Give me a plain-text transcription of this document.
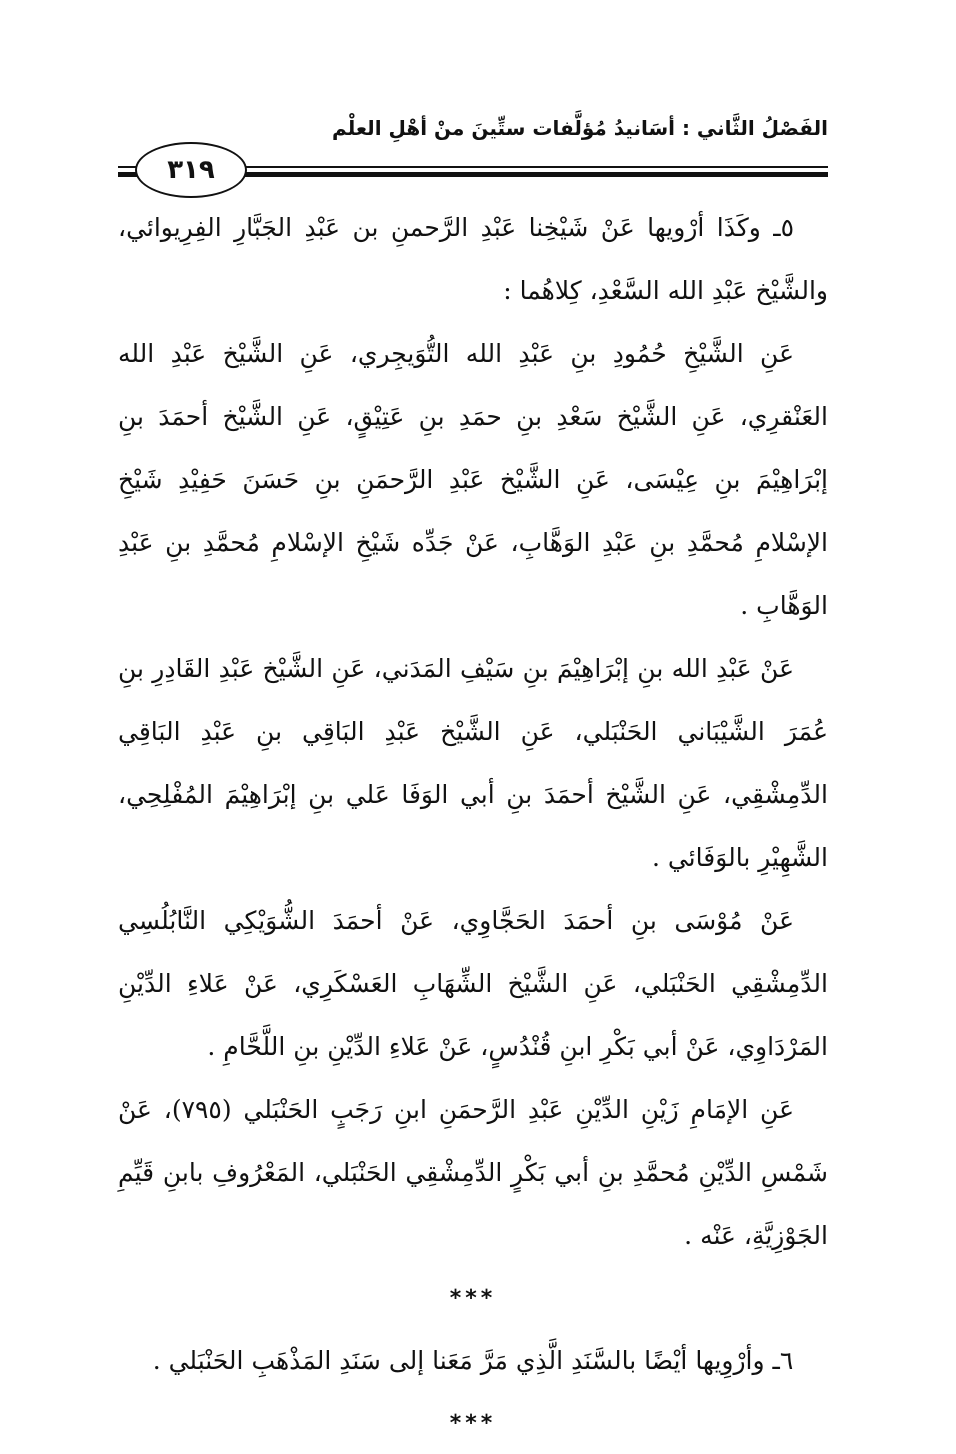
الفَصْلُ الثَّاني : أسَانيدُ مُؤلَّفات ستِّينَ منْ أهْلِ العلْم
٣١٩

٥ـ وكَذَا أرْويها عَنْ شَيْخِنا عَبْدِ الرَّحمنِ بن عَبْدِ الجَبَّارِ الفِرِيوائي، والشَّيْخ عَبْدِ الله السَّعْدِ، كِلاهُما :

عَنِ الشَّيْخِ حُمُودِ بنِ عَبْدِ الله التُّوَيجِري، عَنِ الشَّيْخ عَبْدِ الله العَنْقرِي، عَنِ الشَّيْخ سَعْدِ بنِ حمَدِ بنِ عَتِيْقٍ، عَنِ الشَّيْخ أحمَدَ بنِ إبْرَاهِيْمَ بنِ عِيْسَى، عَنِ الشَّيْخ عَبْدِ الرَّحمَنِ بنِ حَسَنَ حَفِيْدِ شَيْخِ الإسْلامِ مُحمَّدِ بنِ عَبْدِ الوَهَّابِ، عَنْ جَدِّه شَيْخِ الإسْلامِ مُحمَّدِ بنِ عَبْدِ الوَهَّابِ .

عَنْ عَبْدِ الله بنِ إبْرَاهِيْمَ بنِ سَيْفِ المَدَني، عَنِ الشَّيْخ عَبْدِ القَادِرِ بنِ عُمَرَ الشَّيْبَاني الحَنْبَلي، عَنِ الشَّيْخ عَبْدِ البَاقِي بنِ عَبْدِ البَاقِي الدِّمِشْقِي، عَنِ الشَّيْخ أحمَدَ بنِ أبي الوَفَا عَلي بنِ إبْرَاهِيْمَ المُفْلِحِي، الشَّهِيْرِ بالوَفَائي .

عَنْ مُوْسَى بنِ أحمَدَ الحَجَّاوِي، عَنْ أحمَدَ الشُّوَيْكِي النَّابُلُسِي الدِّمِشْقِي الحَنْبَلي، عَنِ الشَّيْخ الشِّهَابِ العَسْكَرِي، عَنْ عَلاءِ الدِّيْنِ المَرْدَاوِي، عَنْ أبي بَكْرِ ابنِ قُنْدُسٍ، عَنْ عَلاءِ الدِّيْنِ بنِ اللَّحَّامِ .

عَنِ الإمَامِ زَيْنِ الدِّيْنِ عَبْدِ الرَّحمَنِ ابنِ رَجَبٍ الحَنْبَلي (٧٩٥)، عَنْ شَمْسِ الدِّيْنِ مُحمَّدِ بنِ أبي بَكْرٍ الدِّمِشْقِي الحَنْبَلي، المَعْرُوفِ بابنِ قَيِّمِ الجَوْزِيَّةِ، عَنْه .

***

٦ـ وأرْوِيها أيْضًا بالسَّنَدِ الَّذِي مَرَّ مَعَنا إلى سَنَدِ المَذْهَبِ الحَنْبَلي .

***
